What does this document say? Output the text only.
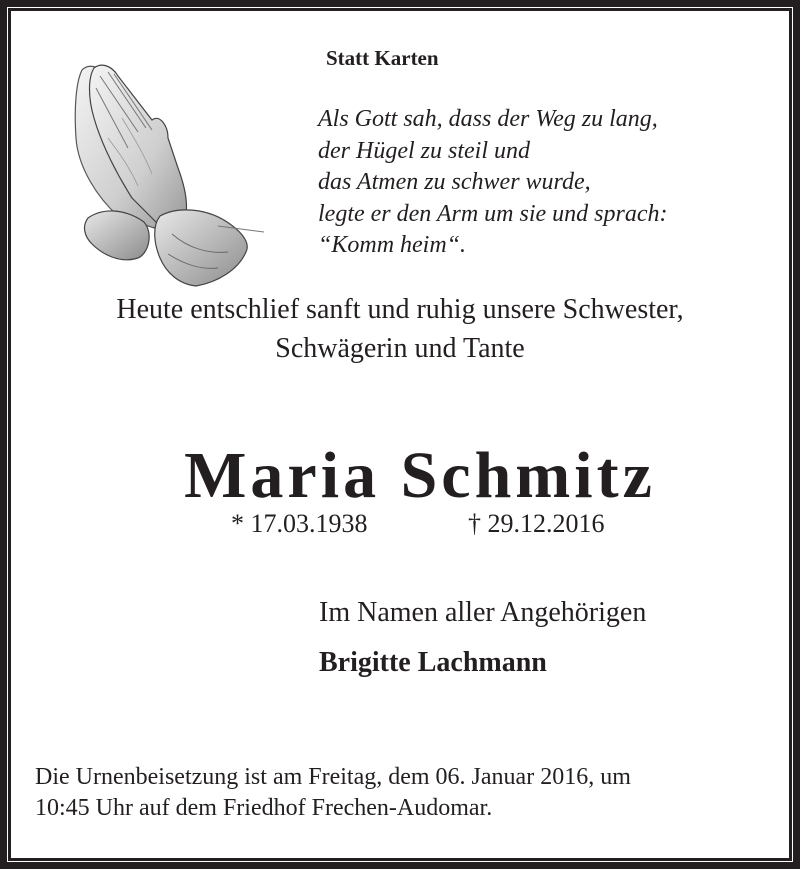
Statt Karten
Als Gott sah, dass der Weg zu lang,
der Hügel zu steil und
das Atmen zu schwer wurde,
legte er den Arm um sie und sprach:
“Komm heim“.
Heute entschlief sanft und ruhig unsere Schwester,
Schwägerin und Tante
Maria Schmitz
* 17.03.1938	† 29.12.2016
Im Namen aller Angehörigen
Brigitte Lachmann
Die Urnenbeisetzung ist am Freitag, dem 06. Januar 2016, um
10:45 Uhr auf dem Friedhof Frechen-Audomar.
